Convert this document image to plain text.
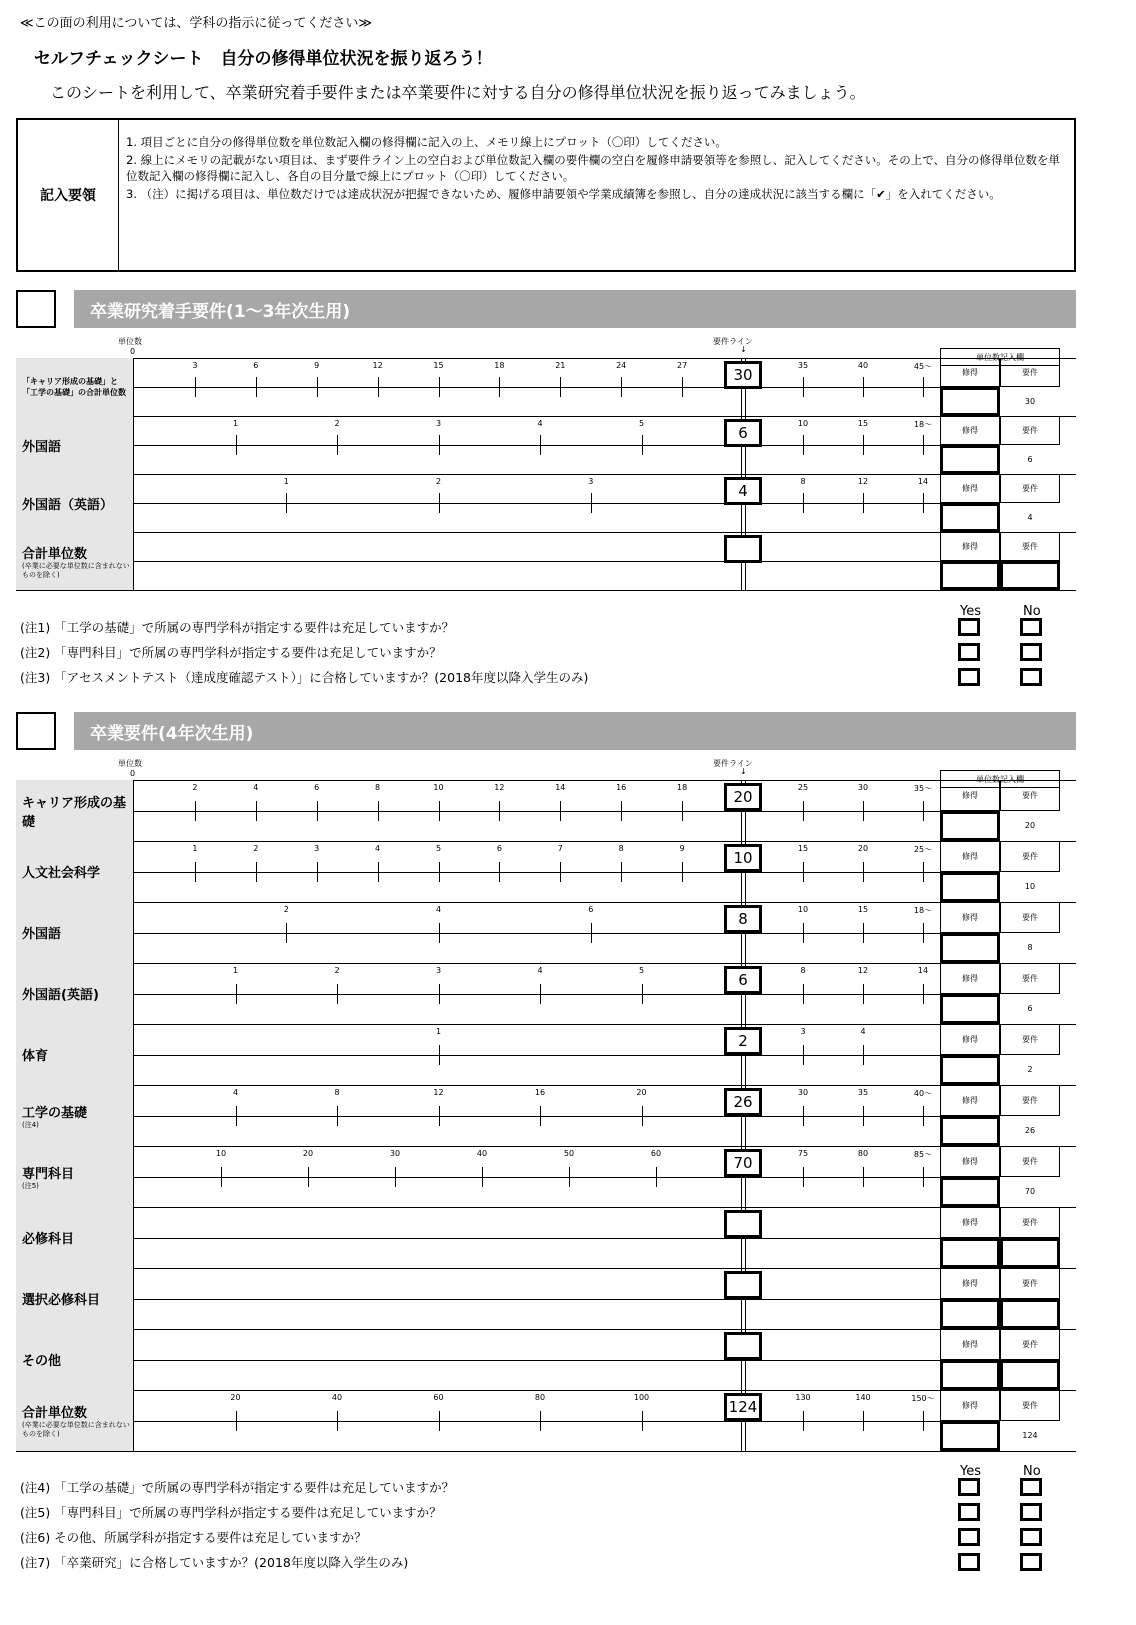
≪この面の利用については、学科の指示に従ってください≫
セルフチェックシート　自分の修得単位状況を振り返ろう！
このシートを利用して、卒業研究着手要件または卒業要件に対する自分の修得単位状況を振り返ってみましょう。
記入要領
1. 項目ごとに自分の修得単位数を単位数記入欄の修得欄に記入の上、メモリ線上にプロット（〇印）してください。
2. 線上にメモリの記載がない項目は、まず要件ライン上の空白および単位数記入欄の要件欄の空白を履修申請要領等を参照し、記入してください。その上で、自分の修得単位数を単位数記入欄の修得欄に記入し、各自の目分量で線上にプロット（〇印）してください。
3. （注）に掲げる項目は、単位数だけでは達成状況が把握できないため、履修申請要領や学業成績簿を参照し、自分の達成状況に該当する欄に「✔」を入れてください。
卒業研究着手要件(1～3年次生用)
単位数
0
要件ライン
↓
単位数記入欄
「キャリア形成の基礎」と「工学の基礎」の合計単位数
3	6	9	12	15	18	21	24	27	35	40	45～
30	修得	要件
30
外国語
1	2	3	4	5	10	15	18～
6	修得	要件
6
外国語（英語）
1	2	3	8	12	14
4	修得	要件
4
合計単位数
(卒業に必要な単位数に含まれないものを除く)
修得	要件
Yes	No
(注1) 「工学の基礎」で所属の専門学科が指定する要件は充足していますか？
(注2) 「専門科目」で所属の専門学科が指定する要件は充足していますか？
(注3) 「アセスメントテスト（達成度確認テスト）」に合格していますか？(2018年度以降入学生のみ)
卒業要件(4年次生用)
単位数
0
要件ライン
↓
単位数記入欄
キャリア形成の基礎
2	4	6	8	10	12	14	16	18	25	30	35～
20	修得	要件
20
人文社会科学
1	2	3	4	5	6	7	8	9	15	20	25～
10	修得	要件
10
外国語
2	4	6	10	15	18～
8	修得	要件
8
外国語(英語)
1	2	3	4	5	8	12	14
6	修得	要件
6
体育
1	3	4
2	修得	要件
2
工学の基礎
(注4)
4	8	12	16	20	30	35	40～
26	修得	要件
26
専門科目
(注5)
10	20	30	40	50	60	75	80	85～
70	修得	要件
70
必修科目
修得	要件
選択必修科目
修得	要件
その他
修得	要件
合計単位数
(卒業に必要な単位数に含まれないものを除く)
20	40	60	80	100	130	140	150～
124	修得	要件
124
Yes	No
(注4) 「工学の基礎」で所属の専門学科が指定する要件は充足していますか？
(注5) 「専門科目」で所属の専門学科が指定する要件は充足していますか？
(注6) その他、所属学科が指定する要件は充足していますか？
(注7) 「卒業研究」に合格していますか？(2018年度以降入学生のみ)
